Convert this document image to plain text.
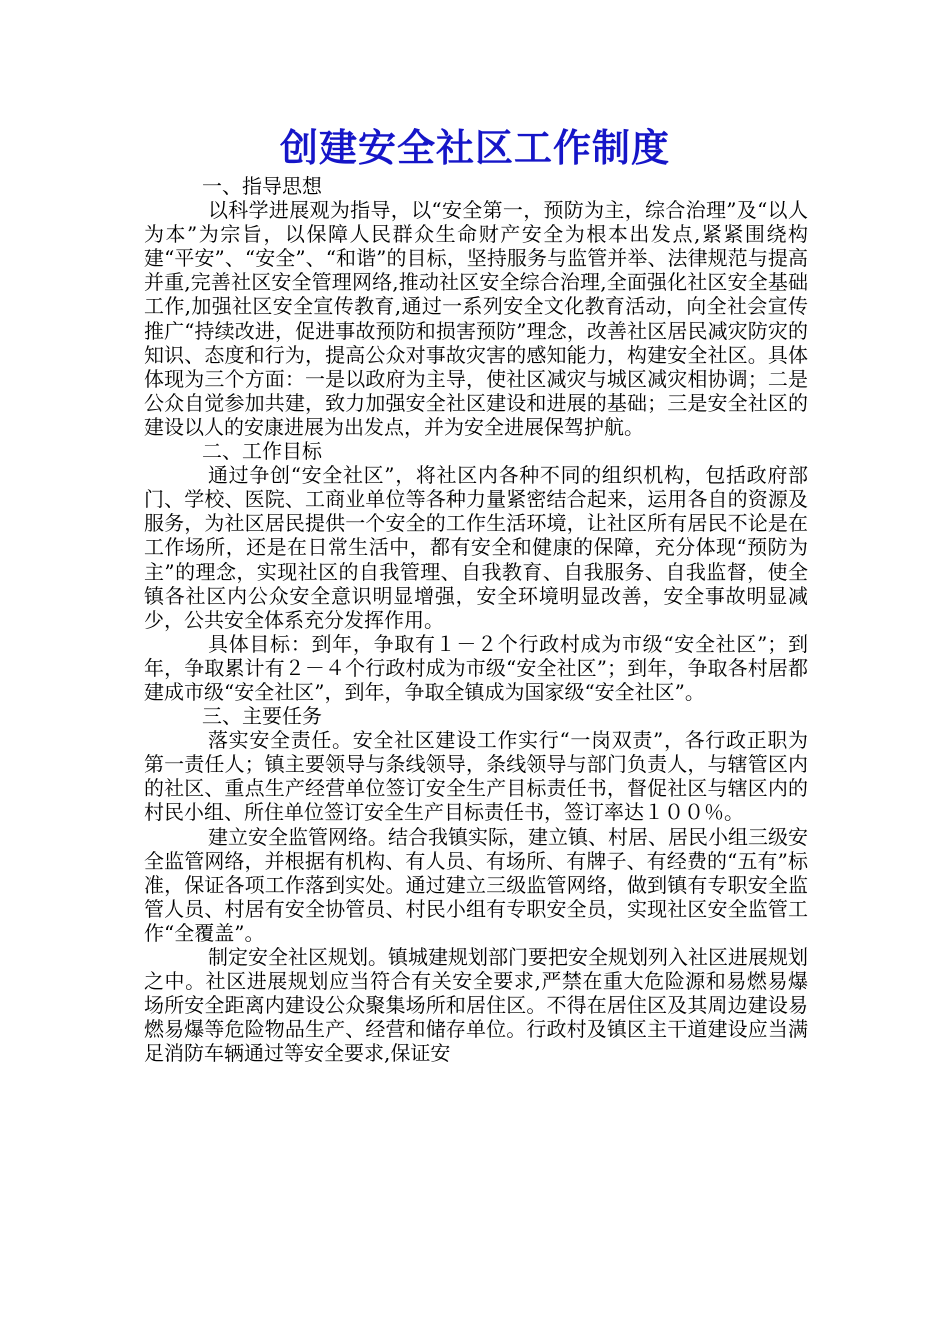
创建安全社区工作制度

一、指导思想

以科学进展观为指导，以“安全第一，预防为主，综合治理”及“以人为本”为宗旨，以保障人民群众生命财产安全为根本出发点,紧紧围绕构建“平安”、“安全”、“和谐”的目标，坚持服务与监管并举、法律规范与提高并重,完善社区安全管理网络,推动社区安全综合治理,全面强化社区安全基础工作,加强社区安全宣传教育,通过一系列安全文化教育活动，向全社会宣传推广“持续改进，促进事故预防和损害预防”理念，改善社区居民减灾防灾的知识、态度和行为，提高公众对事故灾害的感知能力，构建安全社区。具体体现为三个方面：一是以政府为主导，使社区减灾与城区减灾相协调；二是公众自觉参加共建，致力加强安全社区建设和进展的基础；三是安全社区的建设以人的安康进展为出发点，并为安全进展保驾护航。

二、工作目标

通过争创“安全社区”，将社区内各种不同的组织机构，包括政府部门、学校、医院、工商业单位等各种力量紧密结合起来，运用各自的资源及服务，为社区居民提供一个安全的工作生活环境，让社区所有居民不论是在工作场所，还是在日常生活中，都有安全和健康的保障，充分体现“预防为主”的理念，实现社区的自我管理、自我教育、自我服务、自我监督，使全镇各社区内公众安全意识明显增强，安全环境明显改善，安全事故明显减少，公共安全体系充分发挥作用。

具体目标：到年，争取有１－２个行政村成为市级“安全社区”；到年，争取累计有２－４个行政村成为市级“安全社区”；到年，争取各村居都建成市级“安全社区”，到年，争取全镇成为国家级“安全社区”。

三、主要任务

落实安全责任。安全社区建设工作实行“一岗双责”，各行政正职为第一责任人；镇主要领导与条线领导，条线领导与部门负责人，与辖管区内的社区、重点生产经营单位签订安全生产目标责任书，督促社区与辖区内的村民小组、所住单位签订安全生产目标责任书，签订率达１００％。

建立安全监管网络。结合我镇实际，建立镇、村居、居民小组三级安全监管网络，并根据有机构、有人员、有场所、有牌子、有经费的“五有”标准，保证各项工作落到实处。通过建立三级监管网络，做到镇有专职安全监管人员、村居有安全协管员、村民小组有专职安全员，实现社区安全监管工作“全覆盖”。

制定安全社区规划。镇城建规划部门要把安全规划列入社区进展规划之中。社区进展规划应当符合有关安全要求,严禁在重大危险源和易燃易爆场所安全距离内建设公众聚集场所和居住区。不得在居住区及其周边建设易燃易爆等危险物品生产、经营和储存单位。行政村及镇区主干道建设应当满足消防车辆通过等安全要求,保证安
